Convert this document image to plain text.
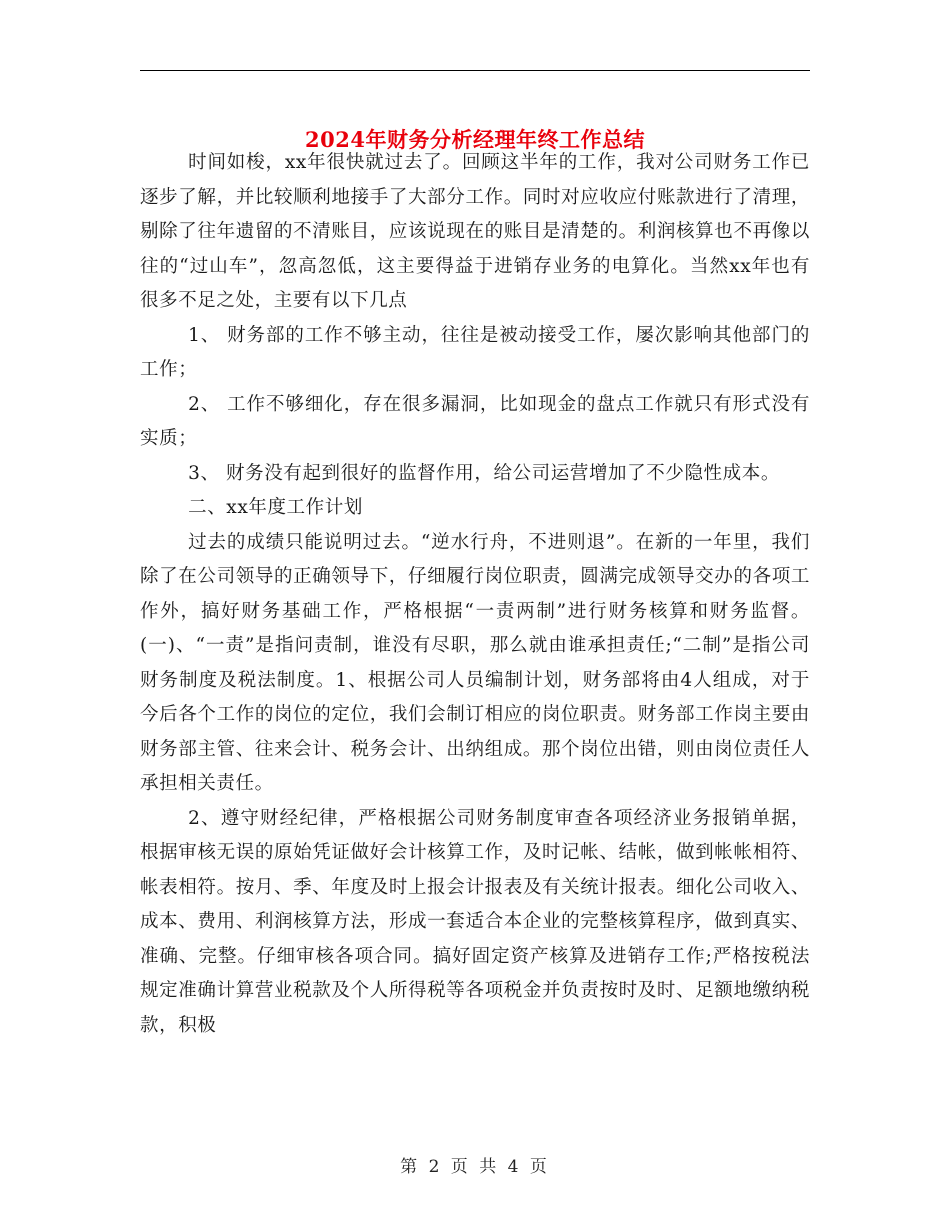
2024年财务分析经理年终工作总结

时间如梭，xx年很快就过去了。回顾这半年的工作，我对公司财务工作已逐步了解，并比较顺利地接手了大部分工作。同时对应收应付账款进行了清理，剔除了往年遗留的不清账目，应该说现在的账目是清楚的。利润核算也不再像以往的“过山车”，忽高忽低，这主要得益于进销存业务的电算化。当然xx年也有很多不足之处，主要有以下几点

1、 财务部的工作不够主动，往往是被动接受工作，屡次影响其他部门的工作；

2、 工作不够细化，存在很多漏洞，比如现金的盘点工作就只有形式没有实质；

3、 财务没有起到很好的监督作用，给公司运营增加了不少隐性成本。

二、xx年度工作计划

过去的成绩只能说明过去。“逆水行舟，不进则退”。在新的一年里，我们除了在公司领导的正确领导下，仔细履行岗位职责，圆满完成领导交办的各项工作外，搞好财务基础工作，严格根据“一责两制”进行财务核算和财务监督。(一)、“一责”是指问责制，谁没有尽职，那么就由谁承担责任;“二制”是指公司财务制度及税法制度。1、根据公司人员编制计划，财务部将由4人组成，对于今后各个工作的岗位的定位，我们会制订相应的岗位职责。财务部工作岗主要由财务部主管、往来会计、税务会计、出纳组成。那个岗位出错，则由岗位责任人承担相关责任。

2、遵守财经纪律，严格根据公司财务制度审查各项经济业务报销单据，根据审核无误的原始凭证做好会计核算工作，及时记帐、结帐，做到帐帐相符、帐表相符。按月、季、年度及时上报会计报表及有关统计报表。细化公司收入、成本、费用、利润核算方法，形成一套适合本企业的完整核算程序，做到真实、准确、完整。仔细审核各项合同。搞好固定资产核算及进销存工作;严格按税法规定准确计算营业税款及个人所得税等各项税金并负责按时及时、足额地缴纳税款，积极

第 2 页 共 4 页
